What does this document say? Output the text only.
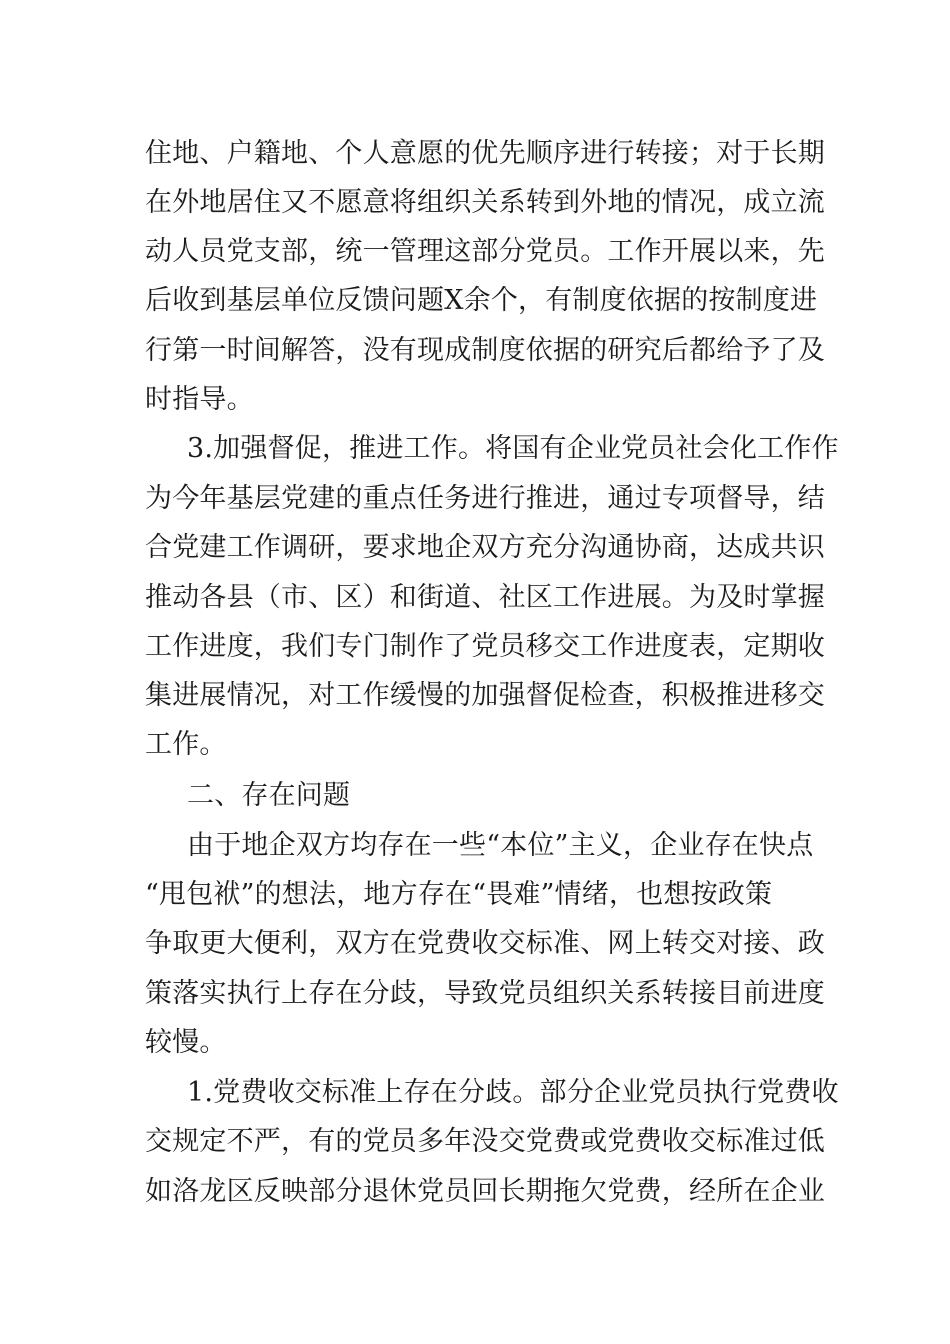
住地、户籍地、个人意愿的优先顺序进行转接；对于长期
在外地居住又不愿意将组织关系转到外地的情况，成立流
动人员党支部，统一管理这部分党员。工作开展以来，先
后收到基层单位反馈问题X余个，有制度依据的按制度进
行第一时间解答，没有现成制度依据的研究后都给予了及
时指导。
3.加强督促，推进工作。将国有企业党员社会化工作作
为今年基层党建的重点任务进行推进，通过专项督导，结
合党建工作调研，要求地企双方充分沟通协商，达成共识
推动各县（市、区）和街道、社区工作进展。为及时掌握
工作进度，我们专门制作了党员移交工作进度表，定期收
集进展情况，对工作缓慢的加强督促检查，积极推进移交
工作。
二、存在问题
由于地企双方均存在一些“本位”主义，企业存在快点
“甩包袱”的想法，地方存在“畏难”情绪，也想按政策
争取更大便利，双方在党费收交标准、网上转交对接、政
策落实执行上存在分歧，导致党员组织关系转接目前进度
较慢。
1.党费收交标准上存在分歧。部分企业党员执行党费收
交规定不严，有的党员多年没交党费或党费收交标准过低
如洛龙区反映部分退休党员回长期拖欠党费，经所在企业
